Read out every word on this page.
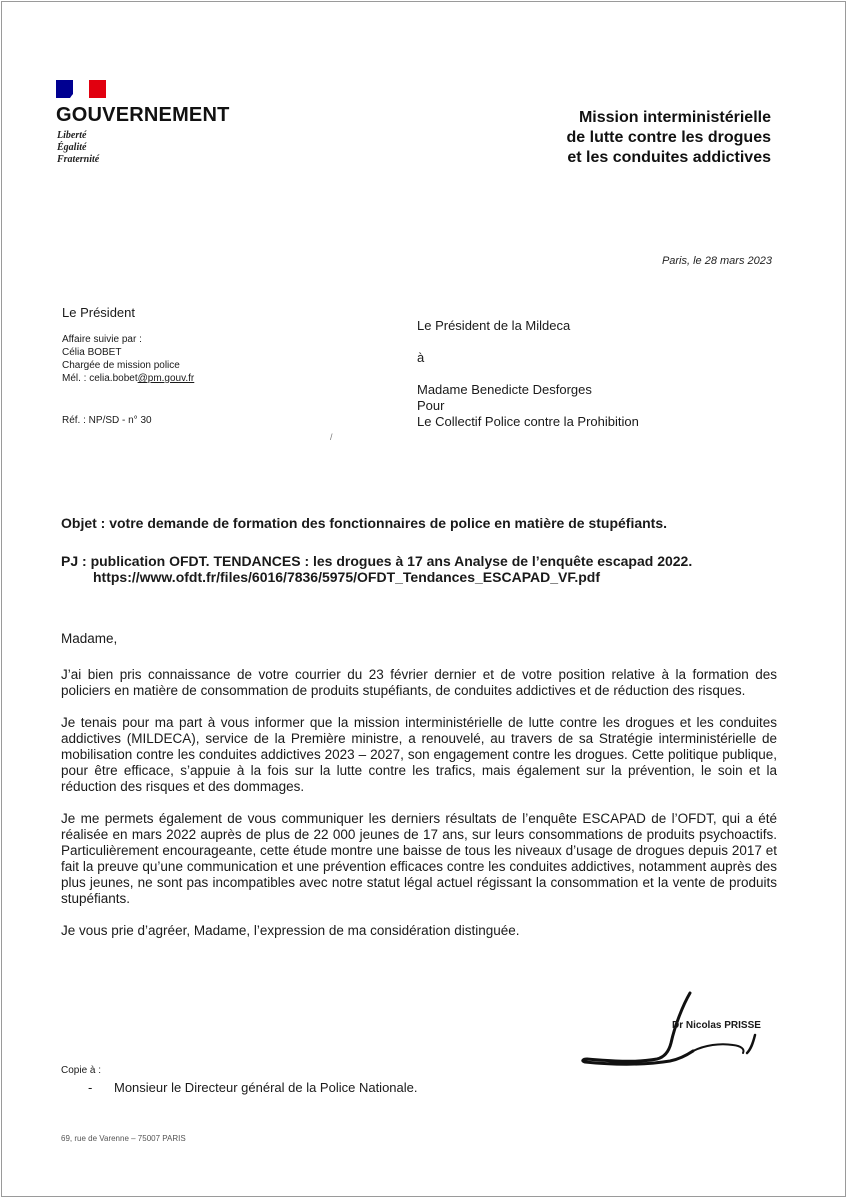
GOUVERNEMENT
Liberté
Égalité
Fraternité
Mission interministérielle
de lutte contre les drogues
et les conduites addictives
Paris, le 28 mars 2023
Le Président
Affaire suivie par :
Célia BOBET
Chargée de mission police
Mél. : celia.bobet@pm.gouv.fr
Réf. : NP/SD - n° 30
/
Le Président de la Mildeca
à
Madame Benedicte Desforges
Pour
Le Collectif Police contre la Prohibition
Objet : votre demande de formation des fonctionnaires de police en matière de stupéfiants.
PJ : publication OFDT. TENDANCES : les drogues à 17 ans Analyse de l’enquête escapad 2022.
https://www.ofdt.fr/files/6016/7836/5975/OFDT_Tendances_ESCAPAD_VF.pdf

Madame,

J’ai bien pris connaissance de votre courrier du 23 février dernier et de votre position relative à la formation des policiers en matière de consommation de produits stupéfiants, de conduites addictives et de réduction des risques.

Je tenais pour ma part à vous informer que la mission interministérielle de lutte contre les drogues et les conduites addictives (MILDECA), service de la Première ministre, a renouvelé, au travers de sa Stratégie interministérielle de mobilisation contre les conduites addictives 2023 – 2027, son engagement contre les drogues. Cette politique publique, pour être efficace, s’appuie à la fois sur la lutte contre les trafics, mais également sur la prévention, le soin et la réduction des risques et des dommages.

Je me permets également de vous communiquer les derniers résultats de l’enquête ESCAPAD de l’OFDT, qui a été réalisée en mars 2022 auprès de plus de 22 000 jeunes de 17 ans, sur leurs consommations de produits psychoactifs. Particulièrement encourageante, cette étude montre une baisse de tous les niveaux d’usage de drogues depuis 2017 et fait la preuve qu’une communication et une prévention efficaces contre les conduites addictives, notamment auprès des plus jeunes, ne sont pas incompatibles avec notre statut légal actuel régissant la consommation et la vente de produits stupéfiants.

Je vous prie d’agréer, Madame, l’expression de ma considération distinguée.

Dr Nicolas PRISSE
Copie à :
- Monsieur le Directeur général de la Police Nationale.
69, rue de Varenne – 75007 PARIS
